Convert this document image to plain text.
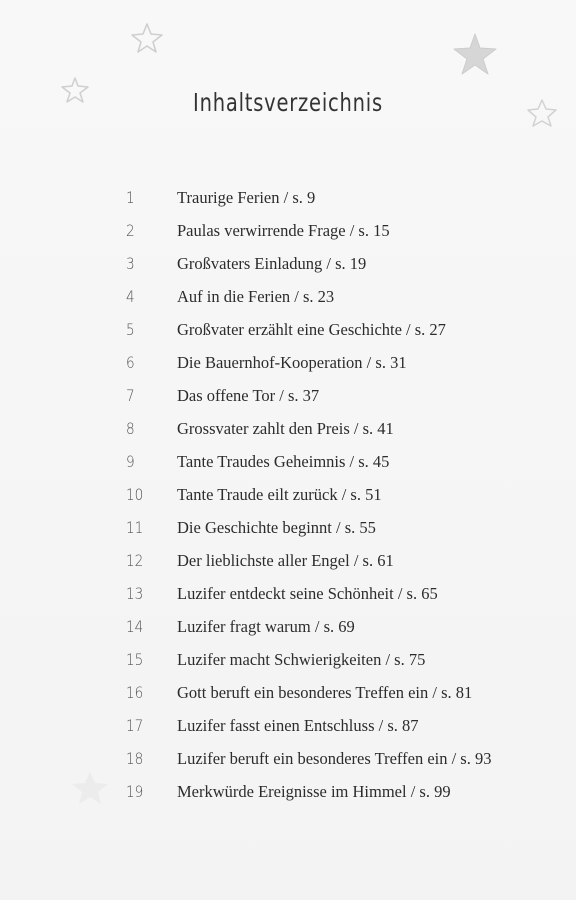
Inhaltsverzeichnis
1	Traurige Ferien / s. 9
2	Paulas verwirrende Frage / s. 15
3	Großvaters Einladung / s. 19
4	Auf in die Ferien / s. 23
5	Großvater erzählt eine Geschichte / s. 27
6	Die Bauernhof-Kooperation / s. 31
7	Das offene Tor / s. 37
8	Grossvater zahlt den Preis / s. 41
9	Tante Traudes Geheimnis / s. 45
10 Tante Traude eilt zurück / s. 51
11 Die Geschichte beginnt / s. 55
12 Der lieblichste aller Engel / s. 61
13 Luzifer entdeckt seine Schönheit / s. 65
14 Luzifer fragt warum / s. 69
15 Luzifer macht Schwierigkeiten / s. 75
16 Gott beruft ein besonderes Treffen ein / s. 81
17 Luzifer fasst einen Entschluss / s. 87
18 Luzifer beruft ein besonderes Treffen ein / s. 93
19 Merkwürde Ereignisse im Himmel / s. 99
